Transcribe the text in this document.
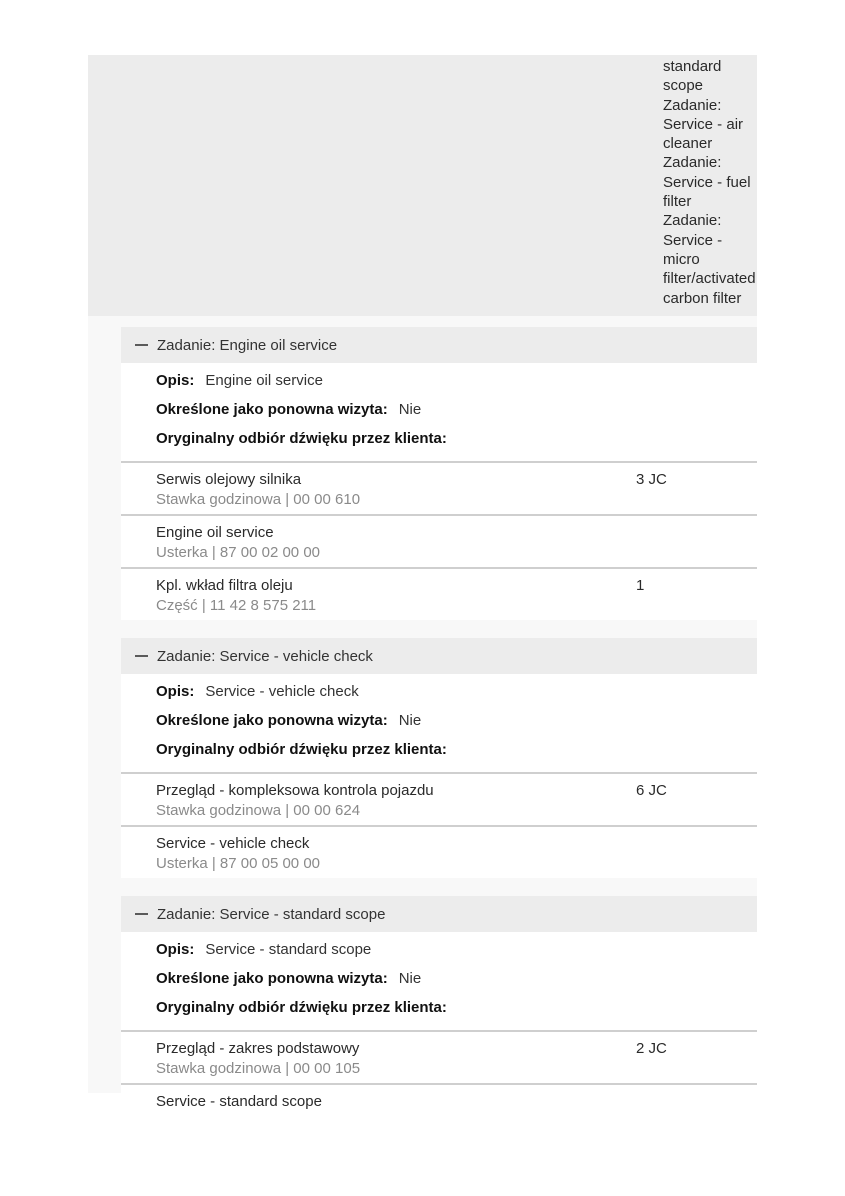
standard
scope
Zadanie:
Service - air
cleaner
Zadanie:
Service - fuel
filter
Zadanie:
Service -
micro
filter/activated
carbon filter
Zadanie: Engine oil service
Opis: Engine oil service
Określone jako ponowna wizyta: Nie
Oryginalny odbiór dźwięku przez klienta:
Serwis olejowy silnika
Stawka godzinowa | 00 00 610
3 JC
Engine oil service
Usterka | 87 00 02 00 00
Kpl. wkład filtra oleju
Część | 11 42 8 575 211
1
Zadanie: Service - vehicle check
Opis: Service - vehicle check
Określone jako ponowna wizyta: Nie
Oryginalny odbiór dźwięku przez klienta:
Przegląd - kompleksowa kontrola pojazdu
Stawka godzinowa | 00 00 624
6 JC
Service - vehicle check
Usterka | 87 00 05 00 00
Zadanie: Service - standard scope
Opis: Service - standard scope
Określone jako ponowna wizyta: Nie
Oryginalny odbiór dźwięku przez klienta:
Przegląd - zakres podstawowy
Stawka godzinowa | 00 00 105
2 JC
Service - standard scope
